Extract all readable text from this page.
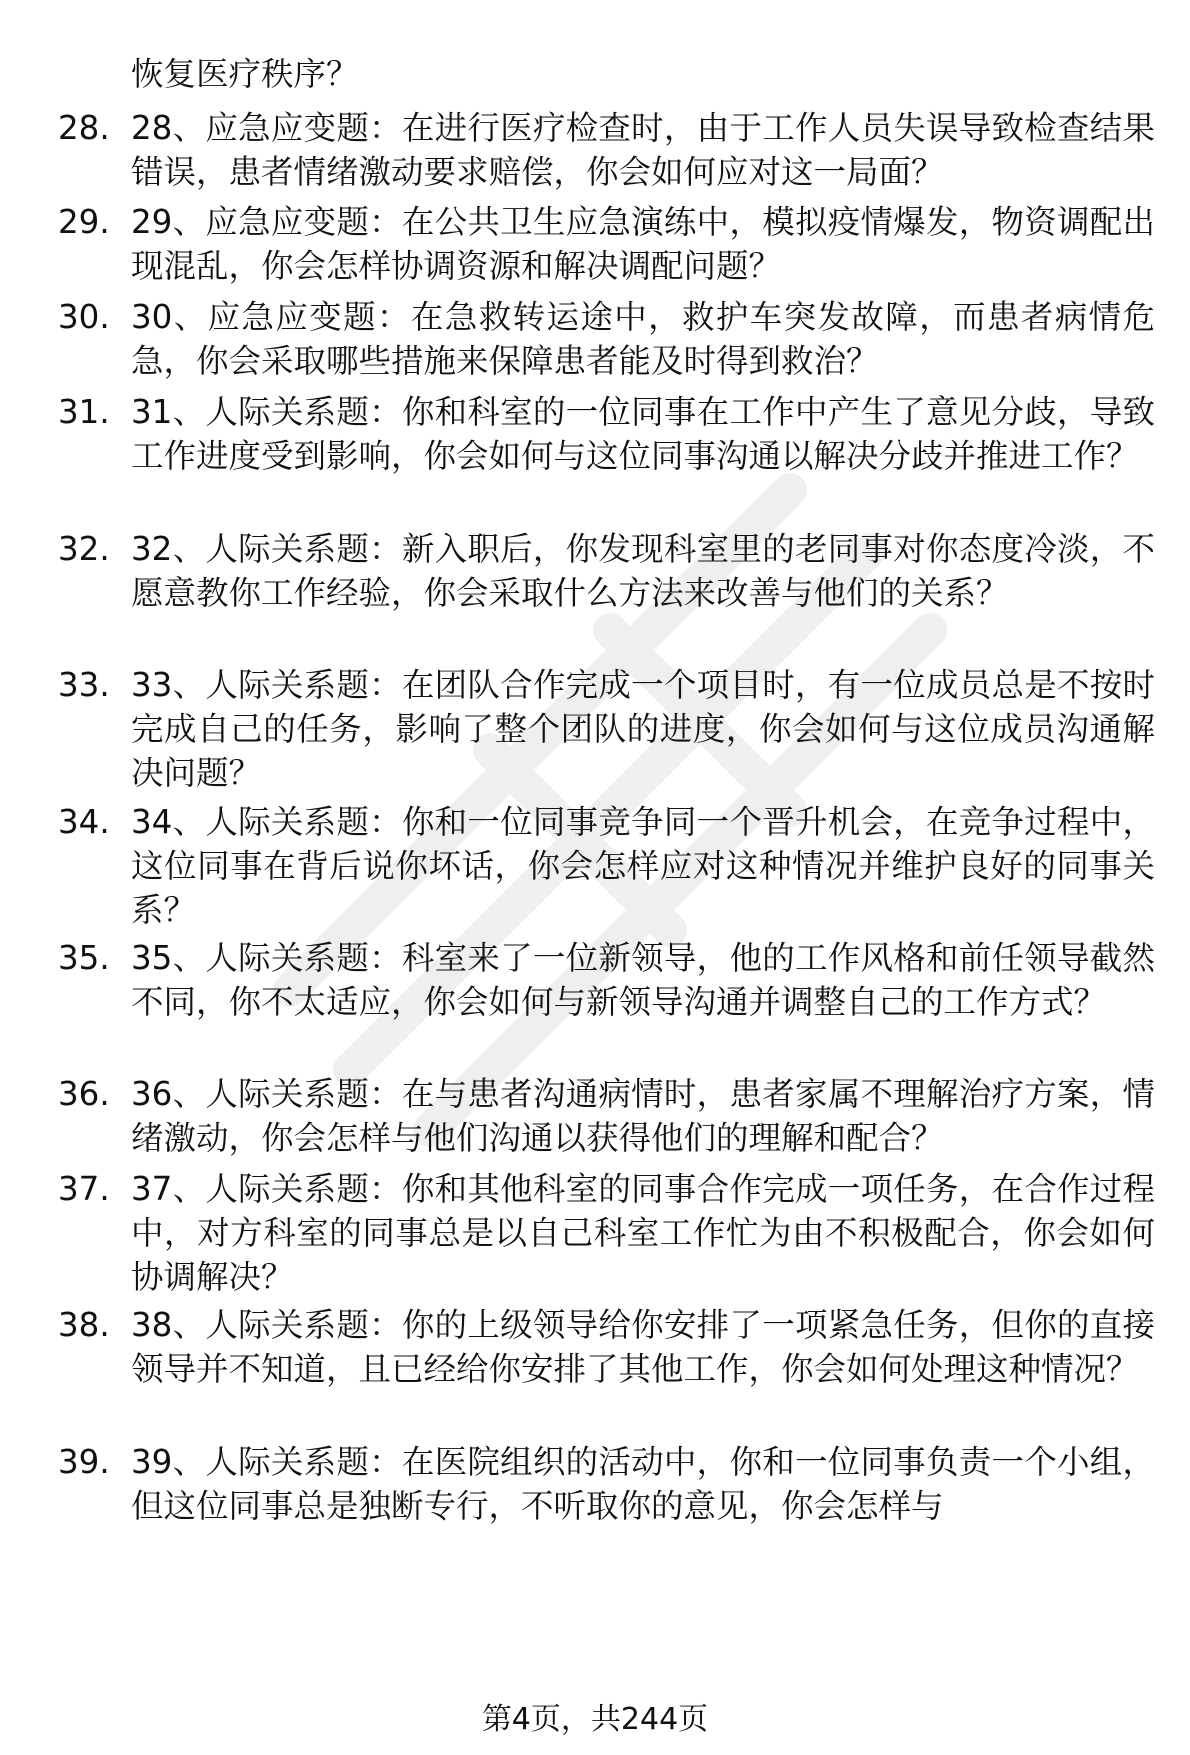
恢复医疗秩序？
28. 28、应急应变题：在进行医疗检查时，由于工作人员失误导致检查结果错误，患者情绪激动要求赔偿，你会如何应对这一局面？
29. 29、应急应变题：在公共卫生应急演练中，模拟疫情爆发，物资调配出现混乱，你会怎样协调资源和解决调配问题？
30. 30、应急应变题：在急救转运途中，救护车突发故障，而患者病情危急，你会采取哪些措施来保障患者能及时得到救治？
31. 31、人际关系题：你和科室的一位同事在工作中产生了意见分歧，导致工作进度受到影响，你会如何与这位同事沟通以解决分歧并推进工作？
32. 32、人际关系题：新入职后，你发现科室里的老同事对你态度冷淡，不愿意教你工作经验，你会采取什么方法来改善与他们的关系？
33. 33、人际关系题：在团队合作完成一个项目时，有一位成员总是不按时完成自己的任务，影响了整个团队的进度，你会如何与这位成员沟通解决问题？
34. 34、人际关系题：你和一位同事竞争同一个晋升机会，在竞争过程中，这位同事在背后说你坏话，你会怎样应对这种情况并维护良好的同事关系？
35. 35、人际关系题：科室来了一位新领导，他的工作风格和前任领导截然不同，你不太适应，你会如何与新领导沟通并调整自己的工作方式？
36. 36、人际关系题：在与患者沟通病情时，患者家属不理解治疗方案，情绪激动，你会怎样与他们沟通以获得他们的理解和配合？
37. 37、人际关系题：你和其他科室的同事合作完成一项任务，在合作过程中，对方科室的同事总是以自己科室工作忙为由不积极配合，你会如何协调解决？
38. 38、人际关系题：你的上级领导给你安排了一项紧急任务，但你的直接领导并不知道，且已经给你安排了其他工作，你会如何处理这种情况？
39. 39、人际关系题：在医院组织的活动中，你和一位同事负责一个小组，但这位同事总是独断专行，不听取你的意见，你会怎样与
第4页，共244页
